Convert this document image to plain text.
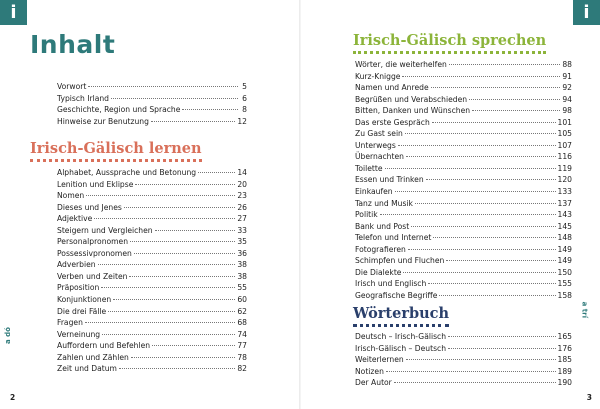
i
Inhalt
Vorwort	5
Typisch Irland	6
Geschichte, Region und Sprache	8
Hinweise zur Benutzung	12
Irisch-Gälisch lernen
Alphabet, Aussprache und Betonung	14
Lenition und Eklipse	20
Nomen	23
Dieses und Jenes	26
Adjektive	27
Steigern und Vergleichen	33
Personalpronomen	35
Possessivpronomen	36
Adverbien	38
Verben und Zeiten	38
Präposition	55
Konjunktionen	60
Die drei Fälle	62
Fragen	68
Verneinung	74
Auffordern und Befehlen	77
Zahlen und Zählen	78
Zeit und Datum	82
a dó
2
i
Irisch-Gälisch sprechen
Wörter, die weiterhelfen	88
Kurz-Knigge	91
Namen und Anrede	92
Begrüßen und Verabschieden	94
Bitten, Danken und Wünschen	98
Das erste Gespräch	101
Zu Gast sein	105
Unterwegs	107
Übernachten	116
Toilette	119
Essen und Trinken	120
Einkaufen	133
Tanz und Musik	137
Politik	143
Bank und Post	145
Telefon und Internet	148
Fotografieren	149
Schimpfen und Fluchen	149
Die Dialekte	150
Irisch und Englisch	155
Geografische Begriffe	158
Wörterbuch
Deutsch – Irisch-Gälisch	165
Irisch-Gälisch – Deutsch	176
Weiterlernen	185
Notizen	189
Der Autor	190
a trí
3
